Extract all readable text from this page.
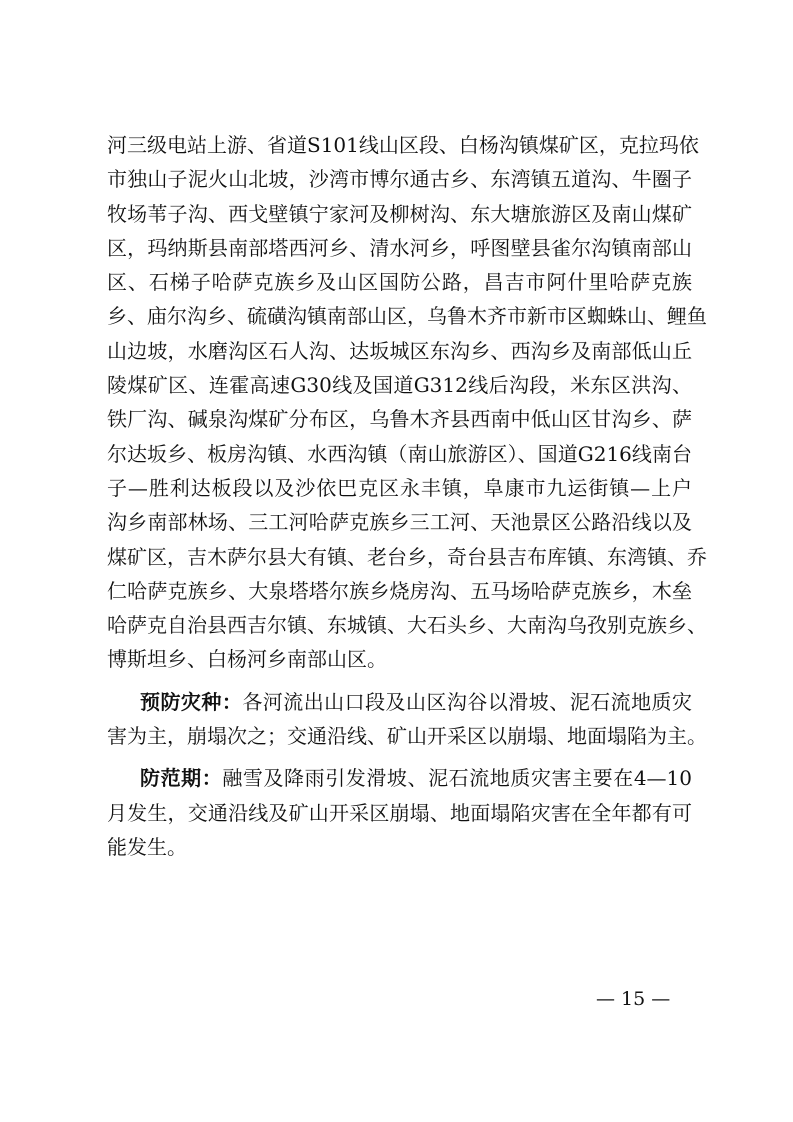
河三级电站上游、省道S101线山区段、白杨沟镇煤矿区，克拉玛依
市独山子泥火山北坡，沙湾市博尔通古乡、东湾镇五道沟、牛圈子
牧场苇子沟、西戈壁镇宁家河及柳树沟、东大塘旅游区及南山煤矿
区，玛纳斯县南部塔西河乡、清水河乡，呼图壁县雀尔沟镇南部山
区、石梯子哈萨克族乡及山区国防公路，昌吉市阿什里哈萨克族
乡、庙尔沟乡、硫磺沟镇南部山区，乌鲁木齐市新市区蜘蛛山、鲤鱼
山边坡，水磨沟区石人沟、达坂城区东沟乡、西沟乡及南部低山丘
陵煤矿区、连霍高速G30线及国道G312线后沟段，米东区洪沟、
铁厂沟、碱泉沟煤矿分布区，乌鲁木齐县西南中低山区甘沟乡、萨
尔达坂乡、板房沟镇、水西沟镇（南山旅游区）、国道G216线南台
子—胜利达板段以及沙依巴克区永丰镇，阜康市九运街镇—上户
沟乡南部林场、三工河哈萨克族乡三工河、天池景区公路沿线以及
煤矿区，吉木萨尔县大有镇、老台乡，奇台县吉布库镇、东湾镇、乔
仁哈萨克族乡、大泉塔塔尔族乡烧房沟、五马场哈萨克族乡，木垒
哈萨克自治县西吉尔镇、东城镇、大石头乡、大南沟乌孜别克族乡、
博斯坦乡、白杨河乡南部山区。
预防灾种：各河流出山口段及山区沟谷以滑坡、泥石流地质灾
害为主，崩塌次之；交通沿线、矿山开采区以崩塌、地面塌陷为主。
防范期：融雪及降雨引发滑坡、泥石流地质灾害主要在4—10
月发生，交通沿线及矿山开采区崩塌、地面塌陷灾害在全年都有可
能发生。
— 15 —
